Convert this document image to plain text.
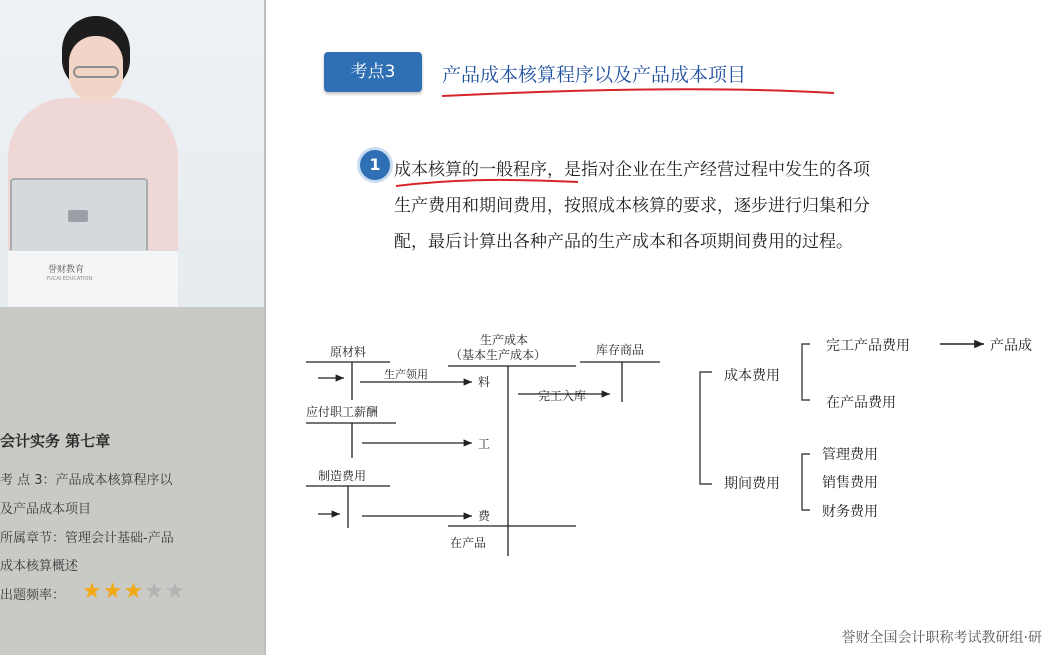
誉财教育
YUCAI EDUCATION
会计实务 第七章
考 点 3：产品成本核算程序以
及产品成本项目
所属章节：管理会计基础-产品
成本核算概述
出题频率： ★★★★★
考点3	产品成本核算程序以及产品成本项目
1 成本核算的一般程序，是指对企业在生产经营过程中发生的各项
生产费用和期间费用，按照成本核算的要求，逐步进行归集和分
配，最后计算出各种产品的生产成本和各项期间费用的过程。
原材料
生产领用
料
生产成本
（基本生产成本）
完工入库
在产品
库存商品
应付职工薪酬
工
制造费用
费
成本费用
完工产品费用	产品成
在产品费用
期间费用
管理费用
销售费用
财务费用
誉财全国会计职称考试教研组·研
